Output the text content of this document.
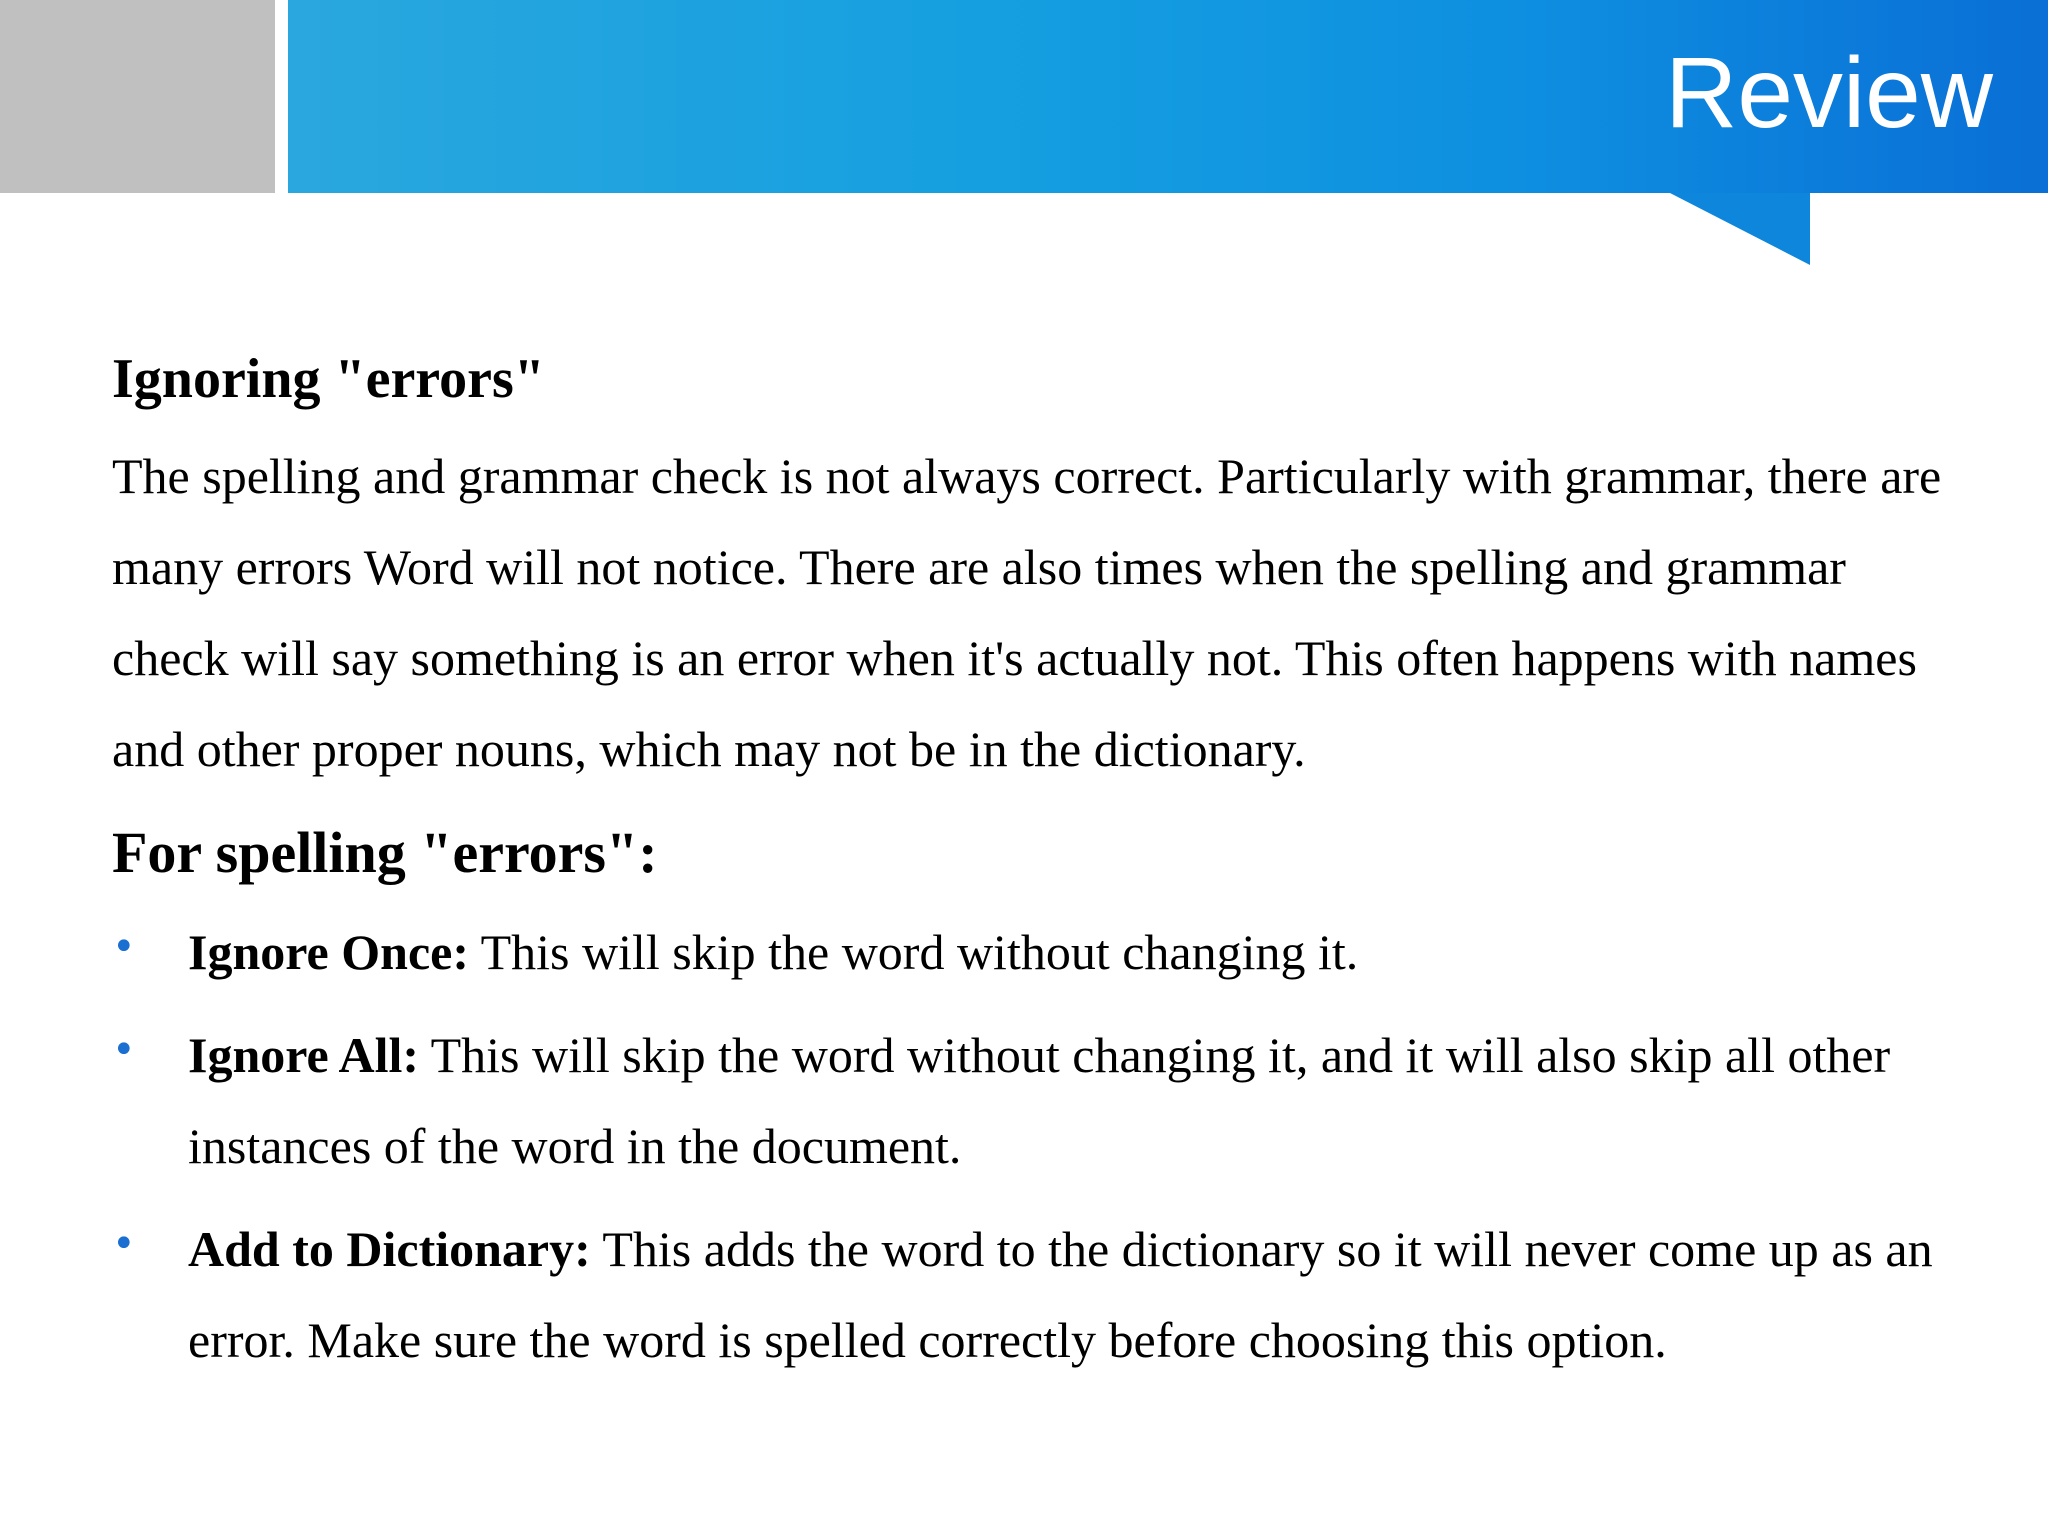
Review
Ignoring "errors"

The spelling and grammar check is not always correct. Particularly with grammar, there are many errors Word will not notice. There are also times when the spelling and grammar check will say something is an error when it's actually not. This often happens with names and other proper nouns, which may not be in the dictionary.

For spelling "errors":
• Ignore Once: This will skip the word without changing it.
• Ignore All: This will skip the word without changing it, and it will also skip all other instances of the word in the document.
• Add to Dictionary: This adds the word to the dictionary so it will never come up as an error. Make sure the word is spelled correctly before choosing this option.
